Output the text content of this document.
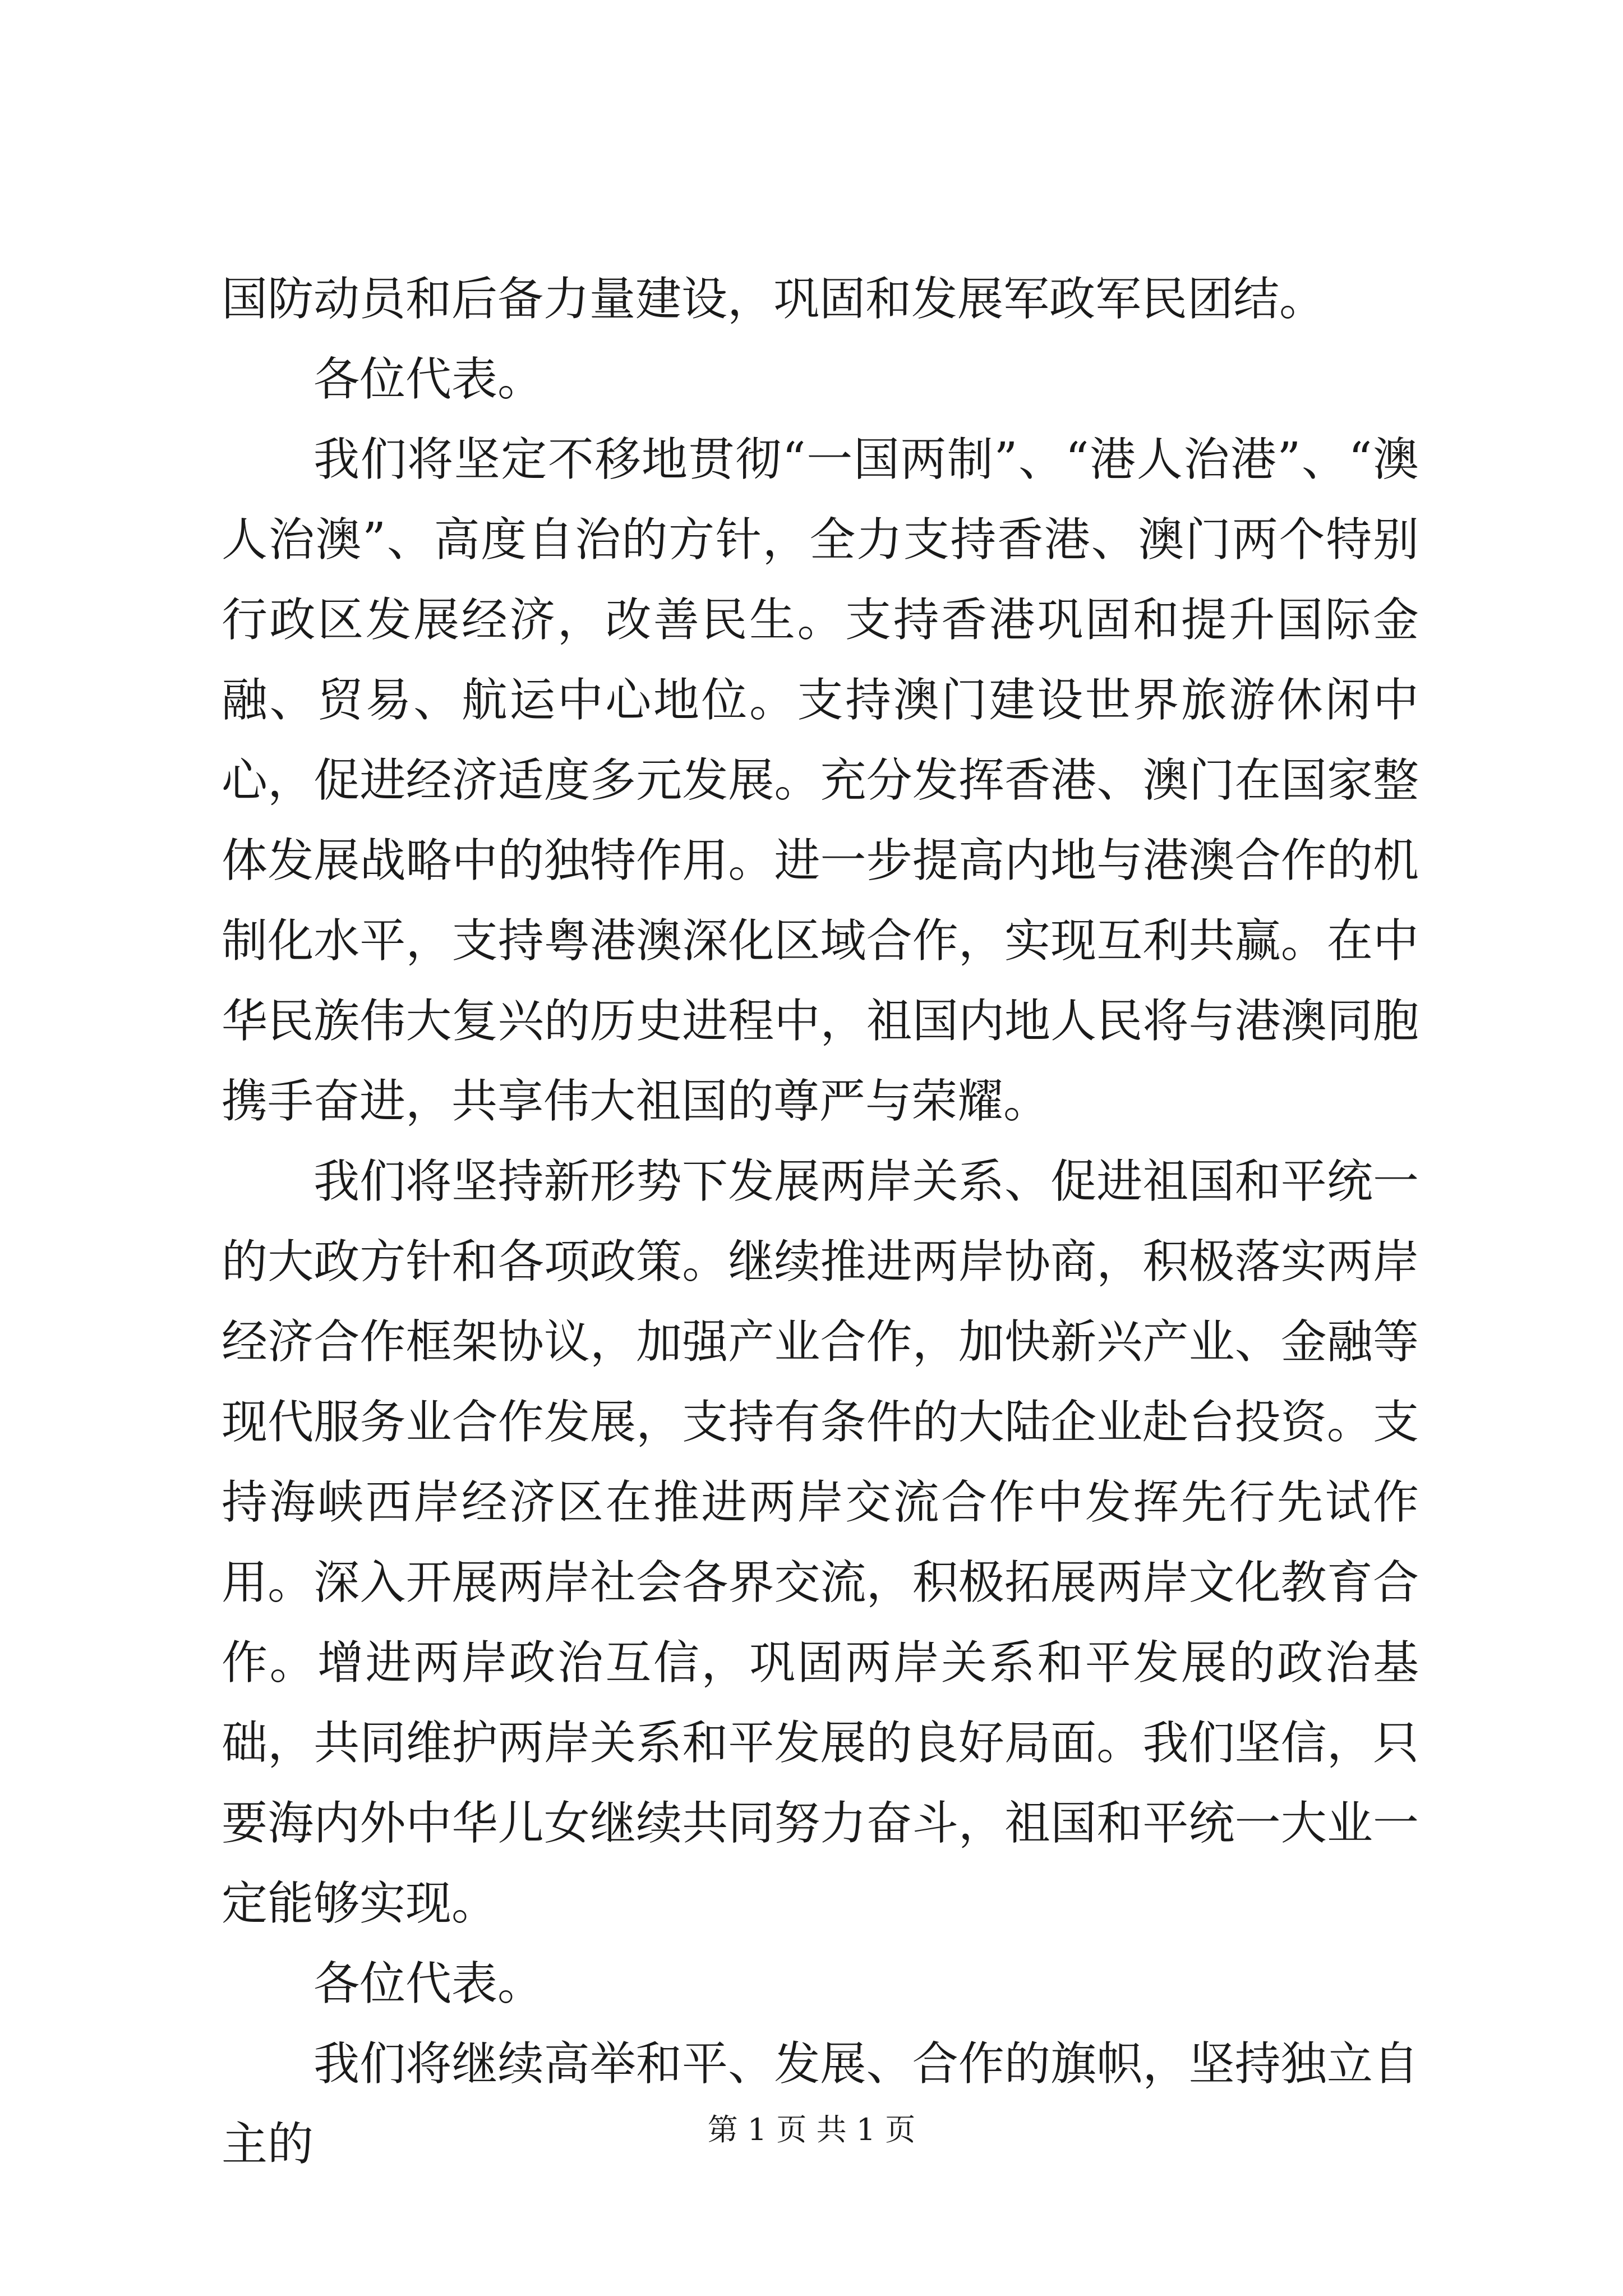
国防动员和后备力量建设，巩固和发展军政军民团结。

各位代表。

我们将坚定不移地贯彻“一国两制”、“港人治港”、“澳人治澳”、高度自治的方针，全力支持香港、澳门两个特别行政区发展经济，改善民生。支持香港巩固和提升国际金融、贸易、航运中心地位。支持澳门建设世界旅游休闲中心，促进经济适度多元发展。充分发挥香港、澳门在国家整体发展战略中的独特作用。进一步提高内地与港澳合作的机制化水平，支持粤港澳深化区域合作，实现互利共赢。在中华民族伟大复兴的历史进程中，祖国内地人民将与港澳同胞携手奋进，共享伟大祖国的尊严与荣耀。

我们将坚持新形势下发展两岸关系、促进祖国和平统一的大政方针和各项政策。继续推进两岸协商，积极落实两岸经济合作框架协议，加强产业合作，加快新兴产业、金融等现代服务业合作发展，支持有条件的大陆企业赴台投资。支持海峡西岸经济区在推进两岸交流合作中发挥先行先试作用。深入开展两岸社会各界交流，积极拓展两岸文化教育合作。增进两岸政治互信，巩固两岸关系和平发展的政治基础，共同维护两岸关系和平发展的良好局面。我们坚信，只要海内外中华儿女继续共同努力奋斗，祖国和平统一大业一定能够实现。

各位代表。

我们将继续高举和平、发展、合作的旗帜，坚持独立自主的	第 1 页 共 1 页
